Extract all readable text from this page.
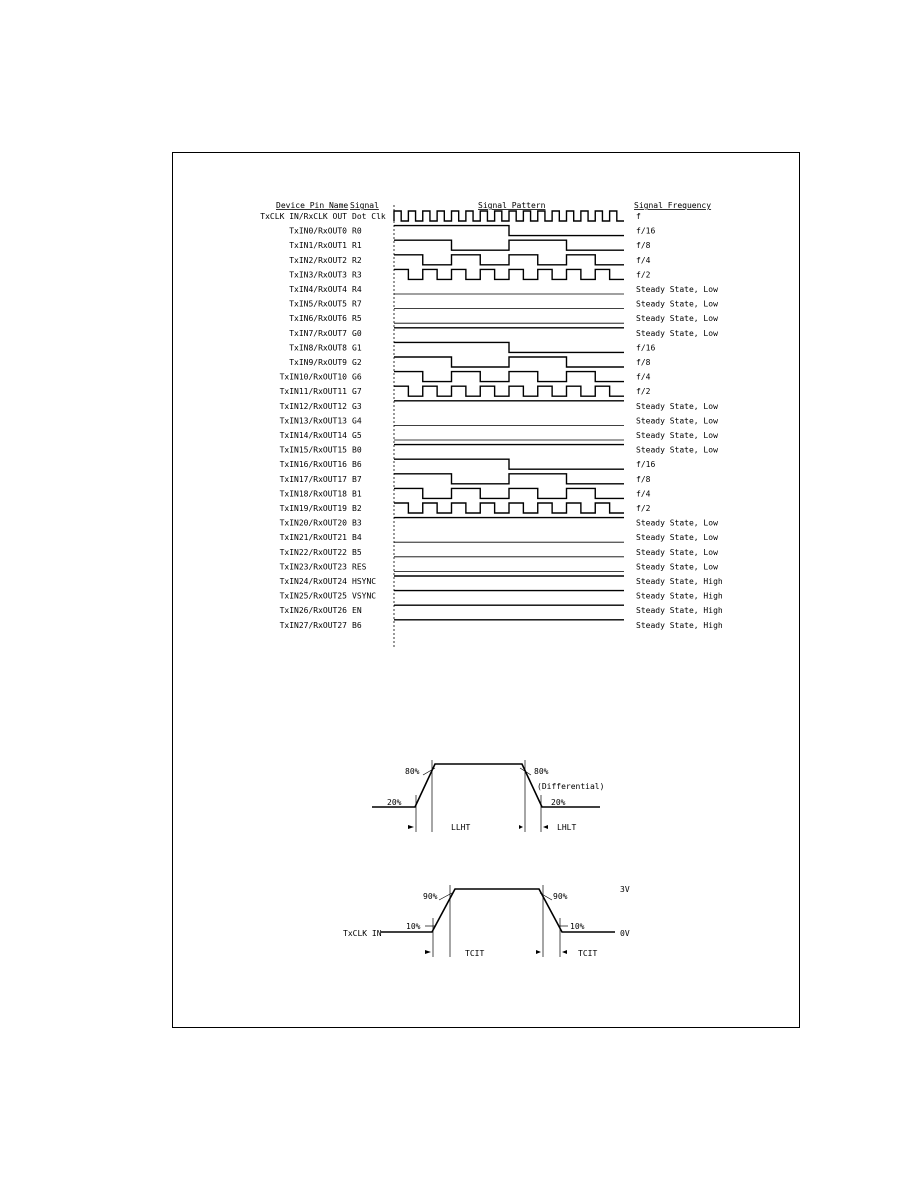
Device Pin Name Signal	Signal Pattern	Signal Frequency
TxCLK IN/RxCLK OUT Dot Clk	f
TxIN0/RxOUT0 R0	f/16
TxIN1/RxOUT1 R1	f/8
TxIN2/RxOUT2 R2	f/4
TxIN3/RxOUT3 R3	f/2
TxIN4/RxOUT4 R4	Steady State, Low
TxIN5/RxOUT5 R7	Steady State, Low
TxIN6/RxOUT6 R5	Steady State, Low
TxIN7/RxOUT7 G0	Steady State, Low
TxIN8/RxOUT8 G1	f/16
TxIN9/RxOUT9 G2	f/8
TxIN10/RxOUT10 G6	f/4
TxIN11/RxOUT11 G7	f/2
TxIN12/RxOUT12 G3	Steady State, Low
TxIN13/RxOUT13 G4	Steady State, Low
TxIN14/RxOUT14 G5	Steady State, Low
TxIN15/RxOUT15 B0	Steady State, Low
TxIN16/RxOUT16 B6	f/16
TxIN17/RxOUT17 B7	f/8
TxIN18/RxOUT18 B1	f/4
TxIN19/RxOUT19 B2	f/2
TxIN20/RxOUT20 B3	Steady State, Low
TxIN21/RxOUT21 B4	Steady State, Low
TxIN22/RxOUT22 B5	Steady State, Low
TxIN23/RxOUT23 RES	Steady State, Low
TxIN24/RxOUT24 HSYNC	Steady State, High
TxIN25/RxOUT25 VSYNC	Steady State, High
TxIN26/RxOUT26 EN	Steady State, High
TxIN27/RxOUT27 B6	Steady State, High
80%	80%
20%	20%
(Differential)
LLHT	LHLT
90%	90%
10%	10%
3V
0V
TxCLK IN
TCIT	TCIT
